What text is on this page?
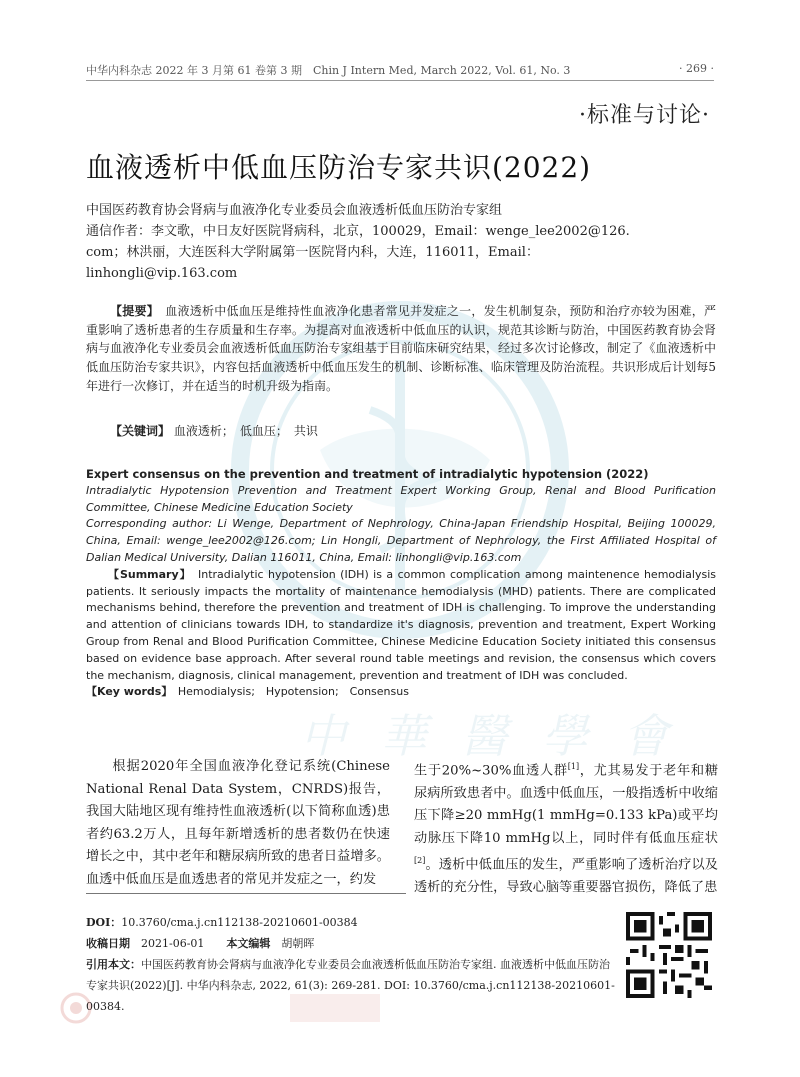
中 華 醫 學 會
中华内科杂志 2022 年 3 月第 61 卷第 3 期　Chin J Intern Med, March 2022, Vol. 61, No. 3	· 269 ·
·标准与讨论·
血液透析中低血压防治专家共识(2022)

中国医药教育协会肾病与血液净化专业委员会血液透析低血压防治专家组

通信作者：李文歌，中日友好医院肾病科，北京，100029，Email：wenge_lee2002@126.

com；林洪丽，大连医科大学附属第一医院肾内科，大连，116011，Email：

linhongli@vip.163.com

【提要】　 血液透析中低血压是维持性血液净化患者常见并发症之一，发生机制复杂，预防和治疗亦较为困难，严重影响了透析患者的生存质量和生存率。为提高对血液透析中低血压的认识，规范其诊断与防治，中国医药教育协会肾病与血液净化专业委员会血液透析低血压防治专家组基于目前临床研究结果，经过多次讨论修改，制定了《血液透析中低血压防治专家共识》，内容包括血液透析中低血压发生的机制、诊断标准、临床管理及防治流程。共识形成后计划每5年进行一次修订，并在适当的时机升级为指南。

【关键词】 血液透析；　低血压；　共识

Expert consensus on the prevention and treatment of intradialytic hypotension (2022)

Intradialytic Hypotension Prevention and Treatment Expert Working Group, Renal and Blood Purification Committee, Chinese Medicine Education Society

Corresponding author: Li Wenge, Department of Nephrology, China-Japan Friendship Hospital, Beijing 100029, China, Email: wenge_lee2002@126.com; Lin Hongli, Department of Nephrology, the First Affiliated Hospital of Dalian Medical University, Dalian 116011, China, Email: linhongli@vip.163.com

【Summary】　 Intradialytic hypotension (IDH) is a common complication among maintenence hemodialysis patients. It seriously impacts the mortality of maintenance hemodialysis (MHD) patients. There are complicated mechanisms behind, therefore the prevention and treatment of IDH is challenging. To improve the understanding and attention of clinicians towards IDH, to standardize it's diagnosis, prevention and treatment, Expert Working Group from Renal and Blood Purification Committee, Chinese Medicine Education Society initiated this consensus based on evidence base approach. After several round table meetings and revision, the consensus which covers the mechanism, diagnosis, clinical management, prevention and treatment of IDH was concluded.

【Key words】　 Hemodialysis;　Hypotension;　Consensus

根据2020年全国血液净化登记系统(Chinese National Renal Data System，CNRDS)报告，我国大陆地区现有维持性血液透析(以下简称血透)患者约63.2万人，且每年新增透析的患者数仍在快速增长之中，其中老年和糖尿病所致的患者日益增多。血透中低血压是血透患者的常见并发症之一，约发

生于20%~30%血透人群[1]，尤其易发于老年和糖尿病所致患者中。血透中低血压，一般指透析中收缩压下降≥20 mmHg(1 mmHg=0.133 kPa)或平均动脉压下降10 mmHg以上，同时伴有低血压症状[2]。透析中低血压的发生，严重影响了透析治疗以及透析的充分性，导致心脑等重要器官损伤，降低了患

DOI：10.3760/cma.j.cn112138-20210601-00384

收稿日期　 2021-06-01　　 本文编辑　 胡朝晖

引用本文：中国医药教育协会肾病与血液净化专业委员会血液透析低血压防治专家组. 血液透析中低血压防治专家共识(2022)[J]. 中华内科杂志, 2022, 61(3): 269-281. DOI: 10.3760/cma.j.cn112138-20210601-00384.
